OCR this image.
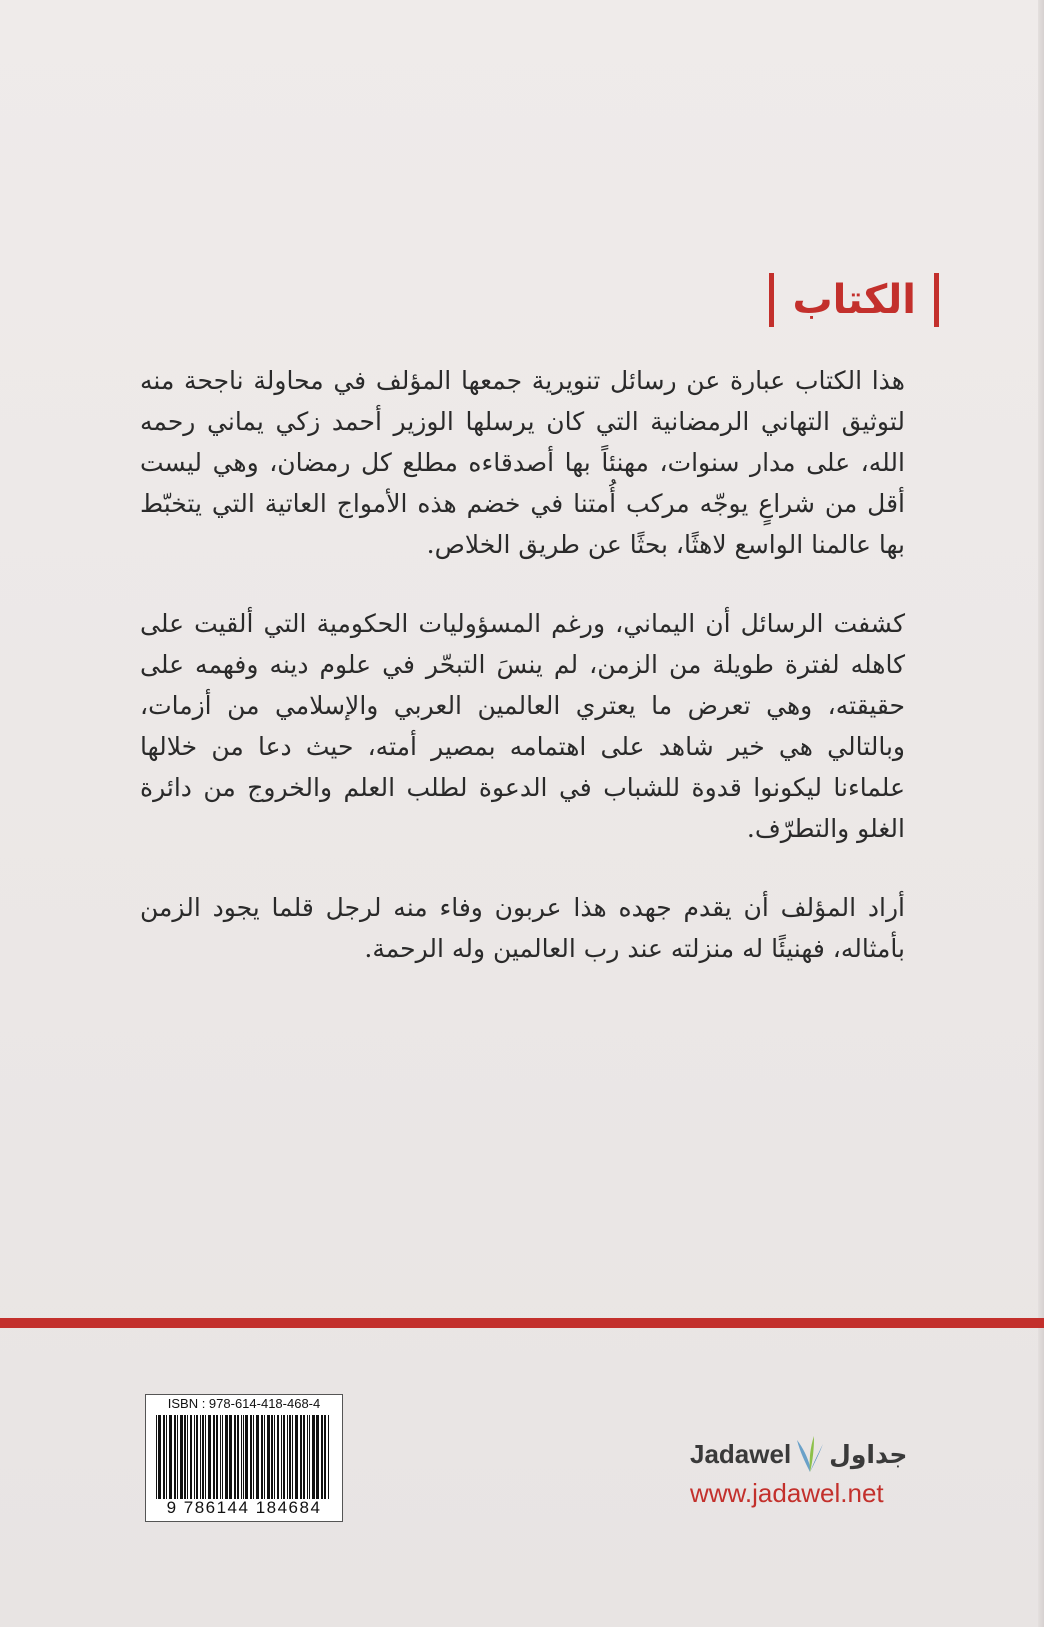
الكتاب

هذا الكتاب عبارة عن رسائل تنويرية جمعها المؤلف في محاولة ناجحة منه لتوثيق التهاني الرمضانية التي كان يرسلها الوزير أحمد زكي يماني رحمه الله، على مدار سنوات، مهنئاً بها أصدقاءه مطلع كل رمضان، وهي ليست أقل من شراعٍ يوجّه مركب أُمتنا في خضم هذه الأمواج العاتية التي يتخبّط بها عالمنا الواسع لاهثًا، بحثًا عن طريق الخلاص.

كشفت الرسائل أن اليماني، ورغم المسؤوليات الحكومية التي ألقيت على كاهله لفترة طويلة من الزمن، لم ينسَ التبحّر في علوم دينه وفهمه على حقيقته، وهي تعرض ما يعتري العالمين العربي والإسلامي من أزمات، وبالتالي هي خير شاهد على اهتمامه بمصير أمته، حيث دعا من خلالها علماءنا ليكونوا قدوة للشباب في الدعوة لطلب العلم والخروج من دائرة الغلو والتطرّف.

أراد المؤلف أن يقدم جهده هذا عربون وفاء منه لرجل قلما يجود الزمن بأمثاله، فهنيئًا له منزلته عند رب العالمين وله الرحمة.

ISBN : 978-614-418-468-4
9 786144 184684
Jadawel جداول
www.jadawel.net
